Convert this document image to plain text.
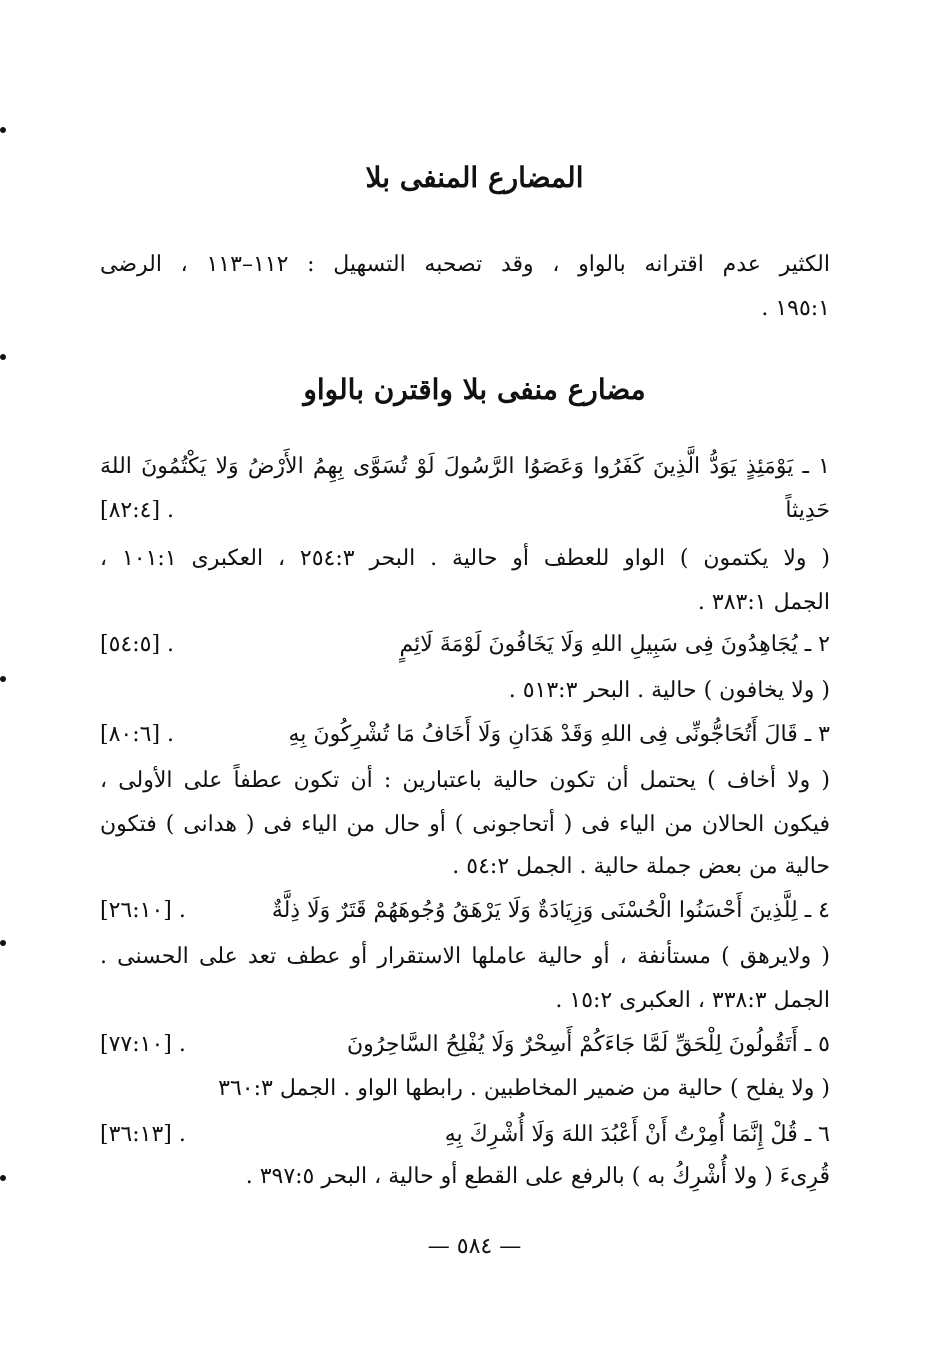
المضارع المنفى بلا
الكثير عدم اقترانه بالواو ، وقد تصحبه التسهيل : ١١٢–١١٣ ، الرضى
١٩٥:١ .
مضارع منفى بلا واقترن بالواو
١ ـ يَوْمَئِذٍ يَوَدُّ الَّذِينَ كَفَرُوا وَعَصَوُا الرَّسُولَ لَوْ تُسَوَّى بِهِمُ الأَرْضُ وَلا يَكْتُمُونَ اللهَ
حَدِيثاً
[٨٢:٤] .
( ولا يكتمون ) الواو للعطف أو حالية . البحر ٢٥٤:٣ ، العكبرى ١٠١:١ ،
الجمل ٣٨٣:١ .
٢ ـ يُجَاهِدُونَ فِى سَبِيلِ اللهِ وَلَا يَخَافُونَ لَوْمَةَ لَائِمٍ
[٥٤:٥] .
( ولا يخافون ) حالية . البحر ٥١٣:٣ .
٣ ـ قَالَ أَتُحَاجُّونِّى فِى اللهِ وَقَدْ هَدَانِ وَلَا أَخَافُ مَا تُشْرِكُونَ بِهِ
[٨٠:٦] .
( ولا أخاف ) يحتمل أن تكون حالية باعتبارين : أن تكون عطفاً على الأولى ،
فيكون الحالان من الياء فى ( أتحاجونى ) أو حال من الياء فى ( هدانى ) فتكون
حالية من بعض جملة حالية . الجمل ٥٤:٢ .
٤ ـ لِلَّذِينَ أَحْسَنُوا الْحُسْنَى وَزِيَادَةٌ وَلَا يَرْهَقُ وُجُوهَهُمْ قَتَرٌ وَلَا ذِلَّةٌ
[٢٦:١٠] .
( ولايرهق ) مستأنفة ، أو حالية عاملها الاستقرار أو عطف تعد على الحسنى .
الجمل ٣٣٨:٣ ، العكبرى ١٥:٢ .
٥ ـ أَتَقُولُونَ لِلْحَقِّ لَمَّا جَاءَكُمْ أَسِحْرٌ وَلَا يُفْلِحُ السَّاحِرُونَ
[٧٧:١٠] .
( ولا يفلح ) حالية من ضمير المخاطبين . رابطها الواو . الجمل ٣٦٠:٣
٦ ـ قُلْ إِنَّمَا أُمِرْتُ أَنْ أَعْبُدَ اللهَ وَلَا أُشْرِكَ بِهِ
[٣٦:١٣] .
قُرِىءَ ( ولا أُشْرِكُ به ) بالرفع على القطع أو حالية ، البحر ٣٩٧:٥ .
— ٥٨٤ —
